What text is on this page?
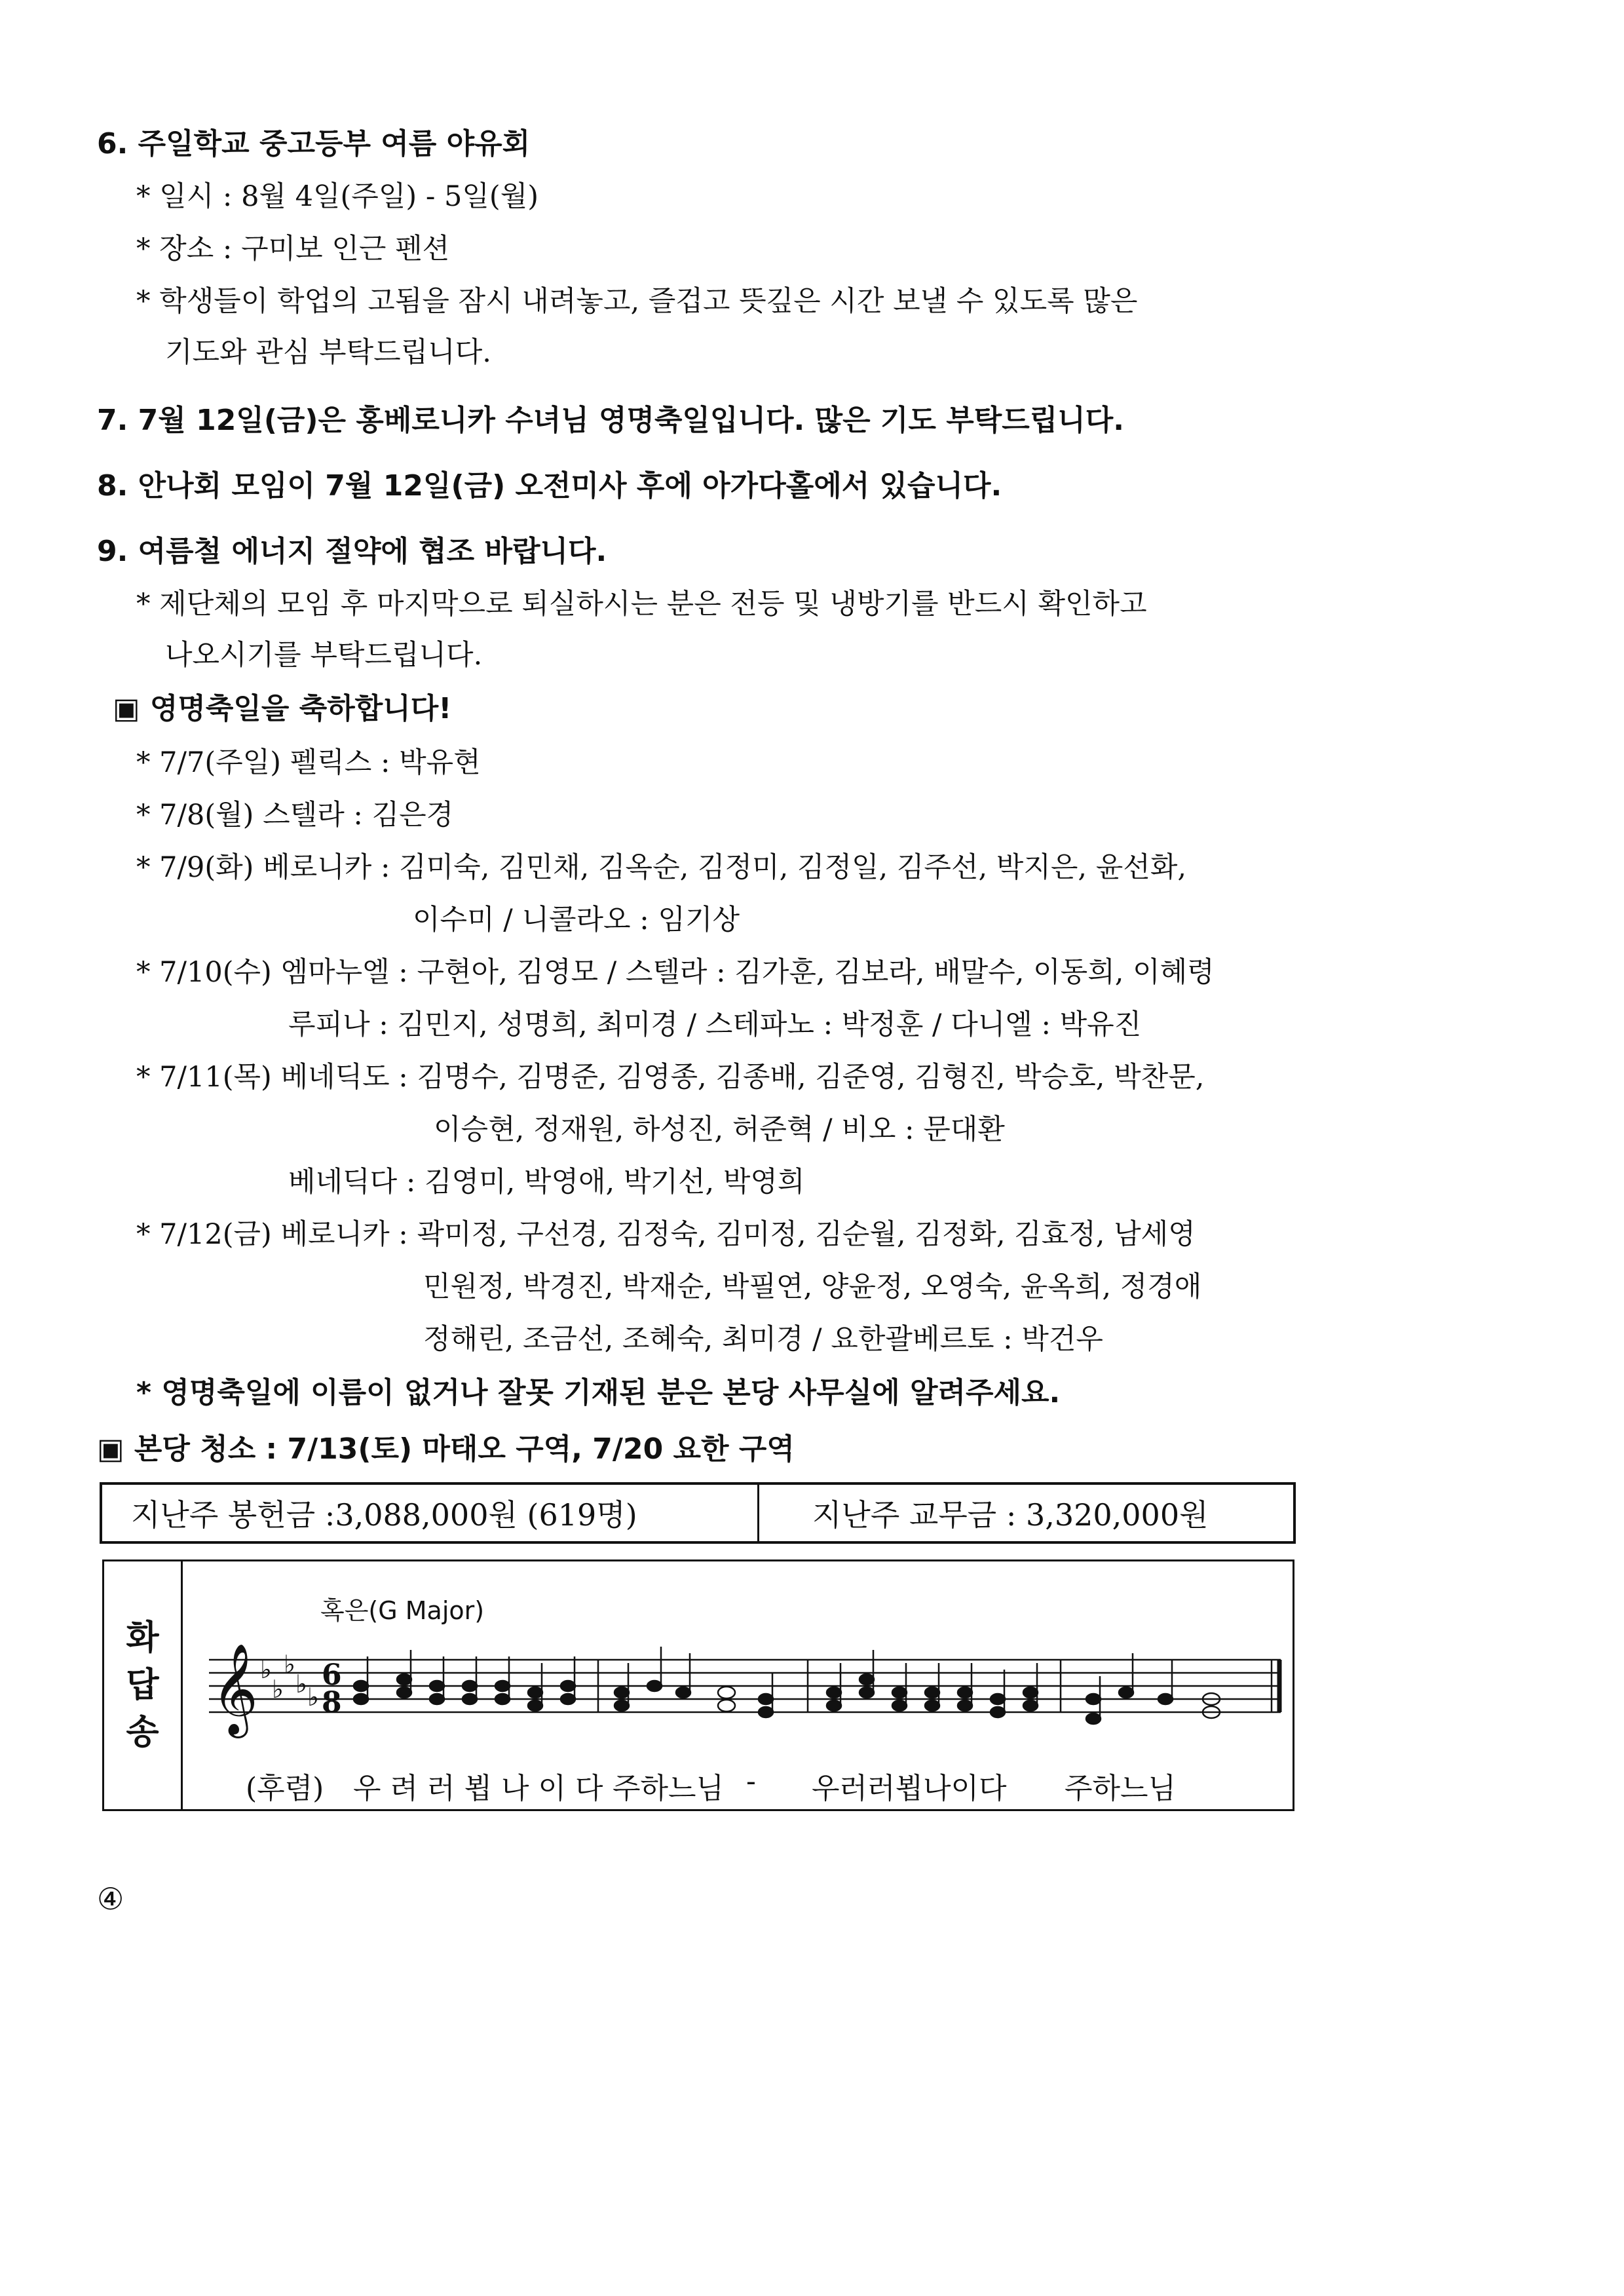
6. 주일학교 중고등부 여름 야유회
* 일시 : 8월 4일(주일) - 5일(월)
* 장소 : 구미보 인근 펜션
* 학생들이 학업의 고됨을 잠시 내려놓고, 즐겁고 뜻깊은 시간 보낼 수 있도록 많은
기도와 관심 부탁드립니다.
7. 7월 12일(금)은 홍베로니카 수녀님 영명축일입니다. 많은 기도 부탁드립니다.
8. 안나회 모임이 7월 12일(금) 오전미사 후에 아가다홀에서 있습니다.
9. 여름철 에너지 절약에 협조 바랍니다.
* 제단체의 모임 후 마지막으로 퇴실하시는 분은 전등 및 냉방기를 반드시 확인하고
나오시기를 부탁드립니다.
▣ 영명축일을 축하합니다!
* 7/7(주일) 펠릭스 : 박유현
* 7/8(월) 스텔라 : 김은경
* 7/9(화) 베로니카 : 김미숙, 김민채, 김옥순, 김정미, 김정일, 김주선, 박지은, 윤선화,
이수미 / 니콜라오 : 임기상
* 7/10(수) 엠마누엘 : 구현아, 김영모 / 스텔라 : 김가훈, 김보라, 배말수, 이동희, 이혜령
루피나 : 김민지, 성명희, 최미경 / 스테파노 : 박정훈 / 다니엘 : 박유진
* 7/11(목) 베네딕도 : 김명수, 김명준, 김영종, 김종배, 김준영, 김형진, 박승호, 박찬문,
이승현, 정재원, 하성진, 허준혁 / 비오 : 문대환
베네딕다 : 김영미, 박영애, 박기선, 박영희
* 7/12(금) 베로니카 : 곽미정, 구선경, 김정숙, 김미정, 김순월, 김정화, 김효정, 남세영
민원정, 박경진, 박재순, 박필연, 양윤정, 오영숙, 윤옥희, 정경애
정해린, 조금선, 조혜숙, 최미경 / 요한괄베르토 : 박건우
* 영명축일에 이름이 없거나 잘못 기재된 분은 본당 사무실에 알려주세요.
▣ 본당 청소 : 7/13(토) 마태오 구역, 7/20 요한 구역
지난주 봉헌금 :3,088,000원 (619명)	지난주 교무금 : 3,320,000원
화답송
혹은(G Major)
𝄞 ♭
♭
♭
♭ ♭
6
8
(후렴) 우 려 러 뵙 나 이 다 주하느님 - 우러러뵙나이다 주하느님
④
